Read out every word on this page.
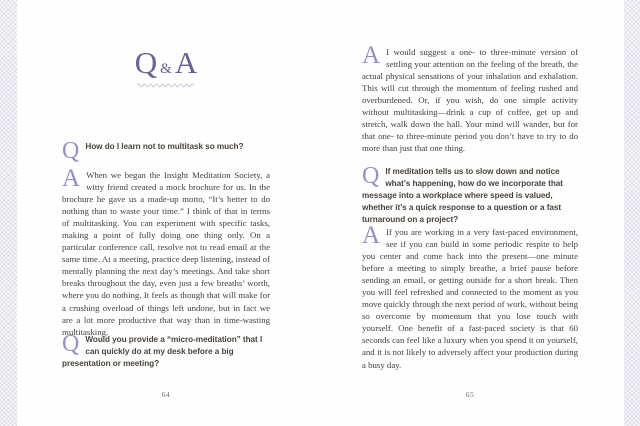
Q &A
Q How do I learn not to multitask so much?
A When we began the Insight Meditation Society, a witty friend created a mock brochure for us. In the brochure he gave us a made-up motto, “It’s better to do nothing than to waste your time.” I think of that in terms of multitasking. You can experiment with specific tasks, making a point of fully doing one thing only. On a particular conference call, resolve not to read email at the same time. At a meeting, practice deep listening, instead of mentally planning the next day’s meetings. And take short breaks throughout the day, even just a few breaths’ worth, where you do nothing. It feels as though that will make for a crushing overload of things left undone, but in fact we are a lot more productive that way than in time-wasting multitasking.
Q Would you provide a “micro-meditation” that I can quickly do at my desk before a big presentation or meeting?
64
A I would suggest a one- to three-minute version of settling your attention on the feeling of the breath, the actual physical sensations of your inhalation and exhalation. This will cut through the momentum of feeling rushed and overburdened. Or, if you wish, do one simple activity without multitasking—drink a cup of coffee, get up and stretch, walk down the hall. Your mind will wander, but for that one- to three-minute period you don’t have to try to do more than just that one thing.
Q If meditation tells us to slow down and notice what’s happening, how do we incorporate that message into a workplace where speed is valued, whether it’s a quick response to a question or a fast turnaround on a project?
A If you are working in a very fast-paced environment, see if you can build in some periodic respite to help you center and come back into the present—one minute before a meeting to simply breathe, a brief pause before sending an email, or getting outside for a short break. Then you will feel refreshed and connected to the moment as you move quickly through the next period of work, without being so overcome by momentum that you lose touch with yourself. One benefit of a fast-paced society is that 60 seconds can feel like a luxury when you spend it on yourself, and it is not likely to adversely affect your production during a busy day.
65
